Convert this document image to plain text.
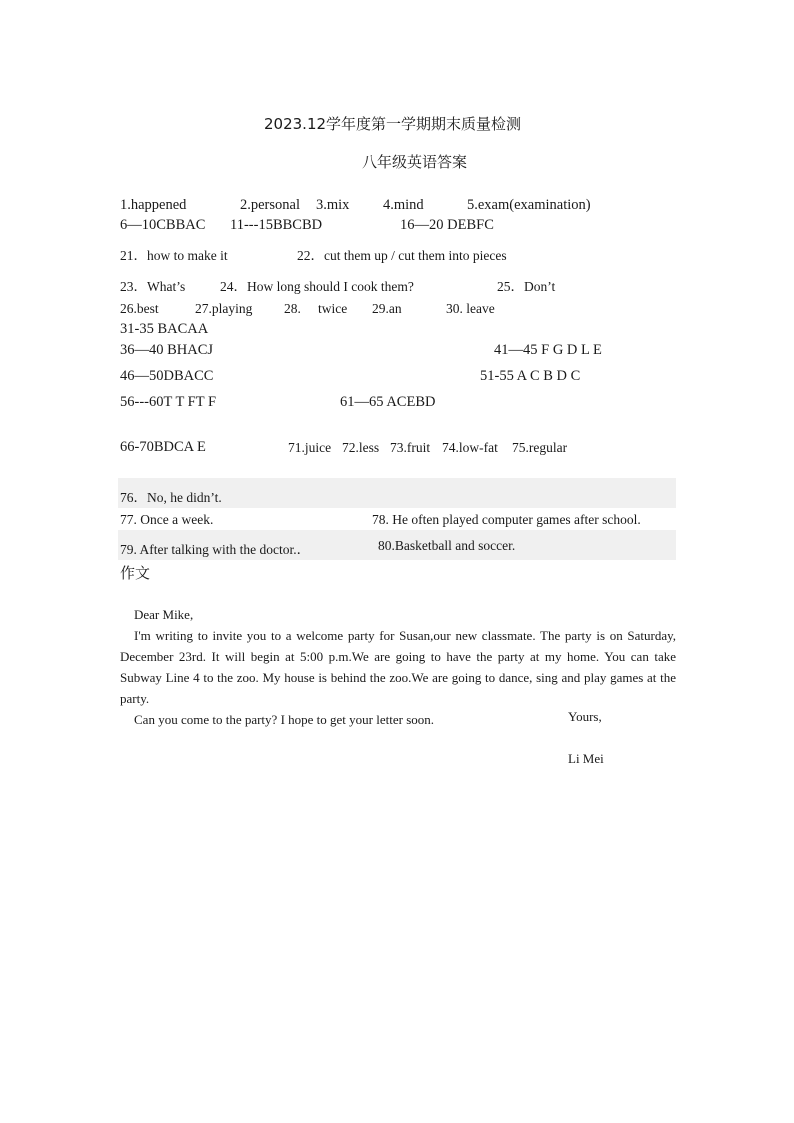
2023.12学年度第一学期期末质量检测
八年级英语答案
1.happened	2.personal 3.mix 4.mind	5.exam(examination)
6—10CBBAC 11---15BBCBD	16—20 DEBFC
21．how to make it	22．cut them up / cut them into pieces
23．What’s	24．How long should I cook them?	25．Don’t
26.best	27.playing 28. twice 29.an	30. leave
31-35 BACAA
36—40 BHACJ	41—45 F G D L E
46—50DBACC	51-55 A C B D C
56---60T T FT F	61—65 ACEBD
66-70BDCA E	71.juice 72.less 73.fruit 74.low-fat 75.regular
76．No, he didn’t.
77. Once a week.	78. He often played computer games after school.
79. After talking with the doctor.．	80.Basketball and soccer.
作文
Dear Mike,
I'm writing to invite you to a welcome party for Susan,our new classmate. The party is on Saturday, December 23rd. It will begin at 5:00 p.m.We are going to have the party at my home. You can take Subway Line 4 to the zoo. My house is behind the zoo.We are going to dance, sing and play games at the party.
Can you come to the party? I hope to get your letter soon.	Yours,
Li Mei
